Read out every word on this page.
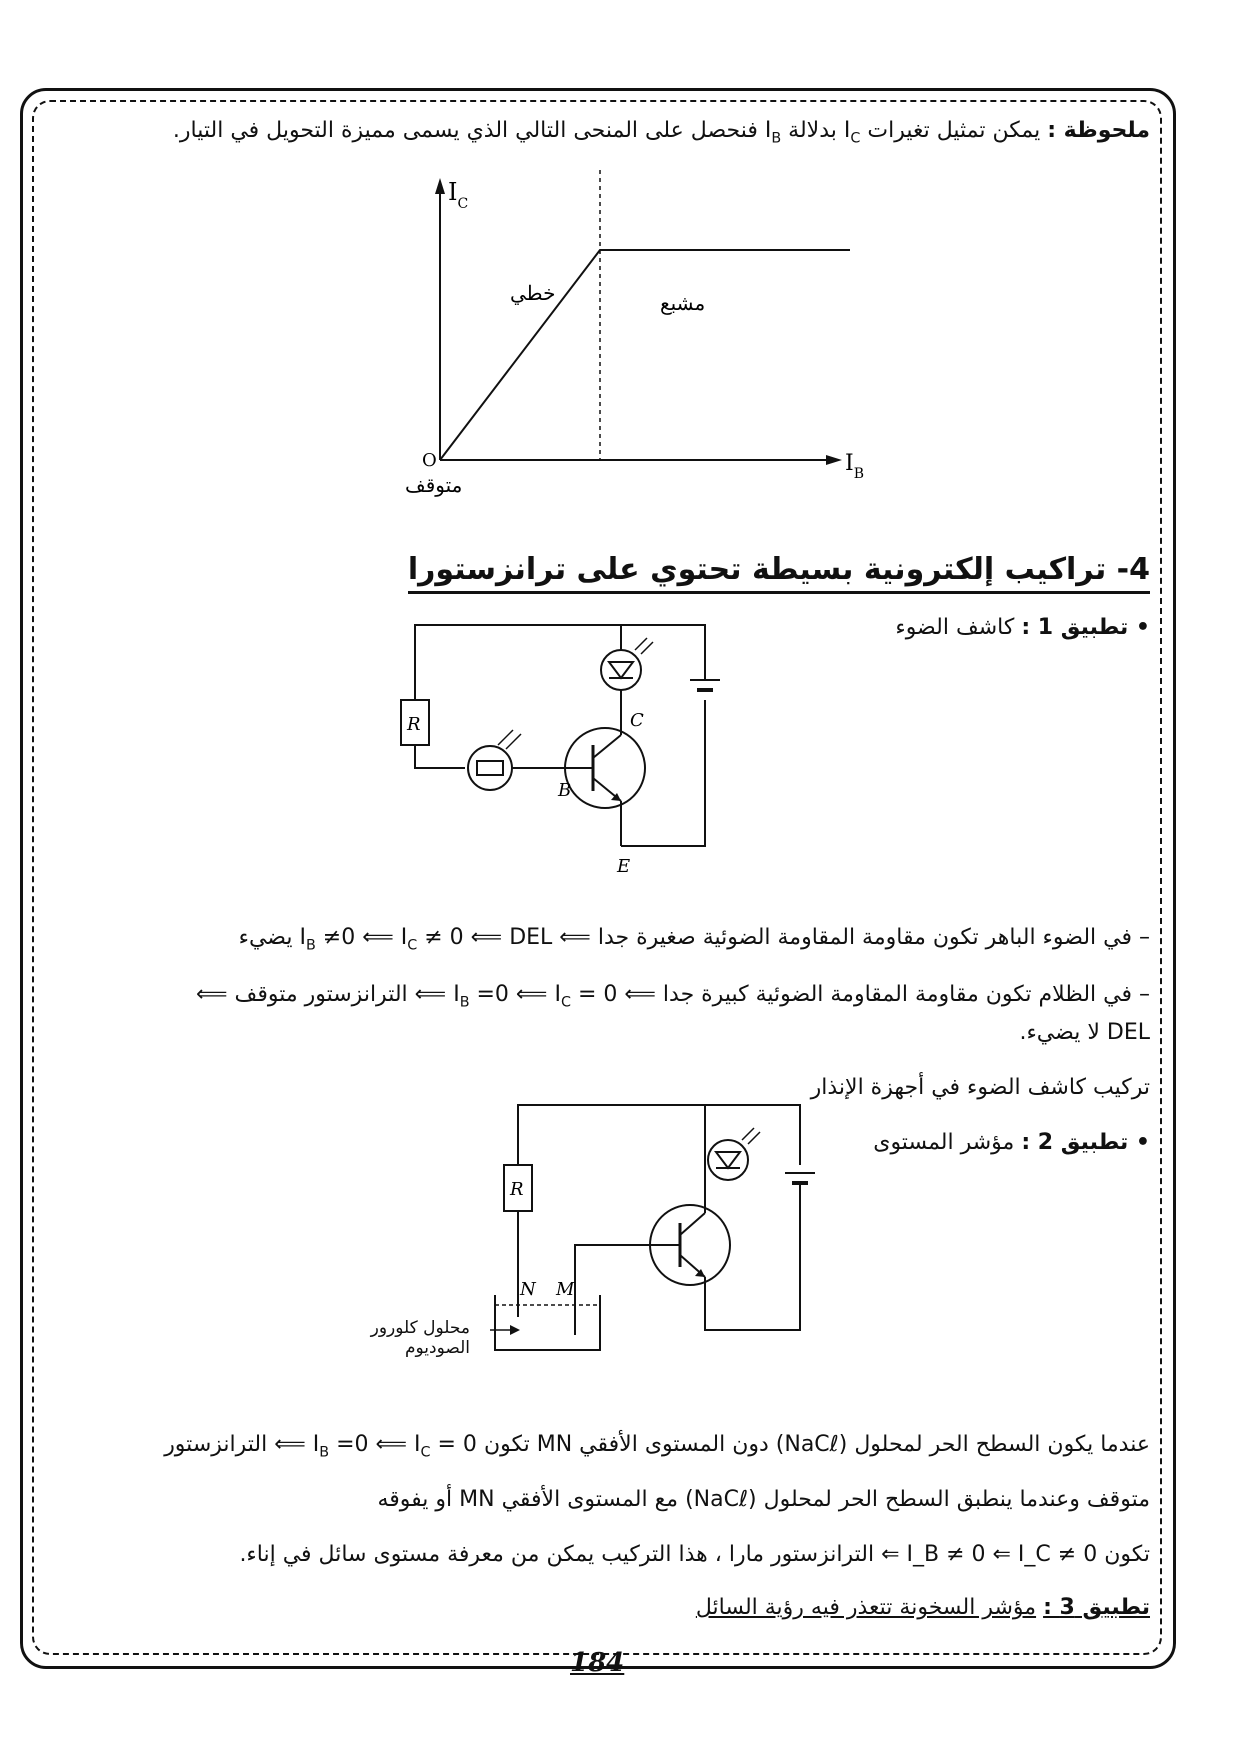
ملحوظة : يمكن تمثيل تغيرات $I_C$ بدلالة $I_B$ فنحصل على المنحى التالي الذي يسمى مميزة التحويل في التيار.
$I_C$
$I_B$
O
خطي	مشبع
متوقف
4- تراكيب إلكترونية بسيطة تحتوي على ترانزستورا
• تطبيق 1 : كاشف الضوء
R
B
C
E
– في الضوء الباهر تكون مقاومة المقاومة الضوئية صغيرة جدا ⟸ $I_B \ne 0$ ⟸ $I_C \ne 0$ ⟸ DEL يضيء
– في الظلام تكون مقاومة المقاومة الضوئية كبيرة جدا ⟸ $I_B =0$ ⟸ $I_C = 0$ ⟸ الترانزستور متوقف ⟸
DEL لا يضيء.
تركيب كاشف الضوء في أجهزة الإنذار
• تطبيق 2 : مؤشر المستوى
R
N M
محلول كلورور
الصوديوم
عندما يكون السطح الحر لمحلول (NaCℓ) دون المستوى الأفقي MN تكون $I_B =0$ ⟸ $I_C = 0$ ⟸ الترانزستور
متوقف وعندما ينطبق السطح الحر لمحلول (NaCℓ) مع المستوى الأفقي MN أو يفوقه
تكون I_B ≠ 0 ⇐ I_C ≠ 0 ⇐ الترانزستور مارا ، هذا التركيب يمكن من معرفة مستوى سائل في إناء.
تطبيق 3 : مؤشر السخونة تتعذر فيه رؤية السائل
184
